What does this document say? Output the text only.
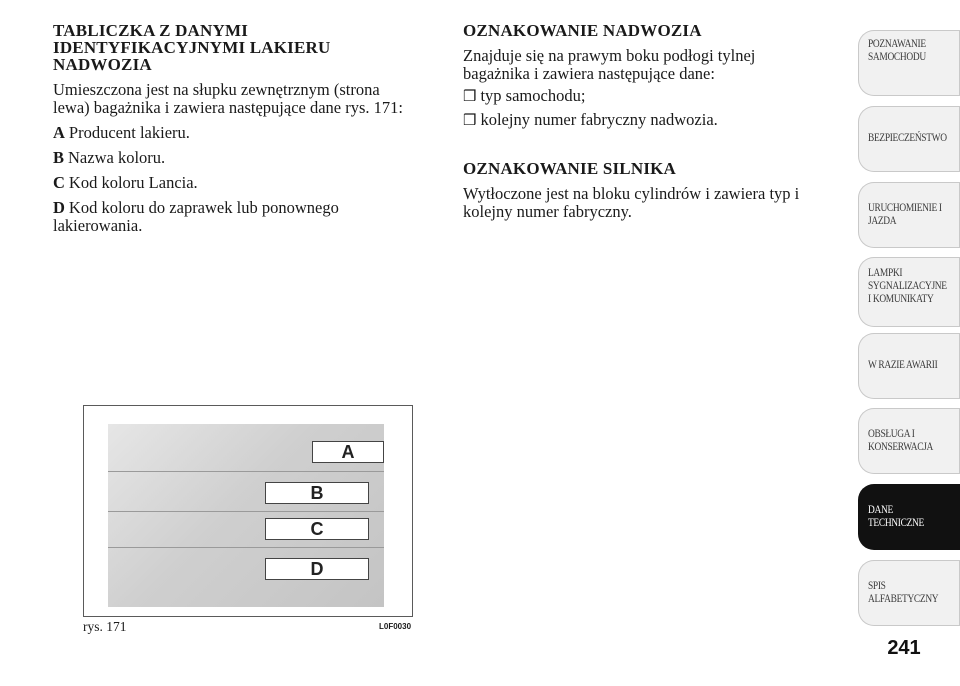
TABLICZKA Z DANYMI
IDENTYFIKACYJNYMI LAKIERU
NADWOZIA

Umieszczona jest na słupku zewnętrznym (strona
lewa) bagażnika i zawiera następujące dane rys. 171:

A Producent lakieru.

B Nazwa koloru.

C Kod koloru Lancia.

D Kod koloru do zaprawek lub ponownego
lakierowania.

OZNAKOWANIE NADWOZIA

Znajduje się na prawym boku podłogi tylnej
bagażnika i zawiera następujące dane:

❒ typ samochodu;

❒ kolejny numer fabryczny nadwozia.

OZNAKOWANIE SILNIKA

Wytłoczone jest na bloku cylindrów i zawiera typ i
kolejny numer fabryczny.

A
B
C
D
rys. 171	L0F0030
POZNAWANIE
SAMOCHODU
BEZPIECZEŃSTWO
URUCHOMIENIE I
JAZDA
LAMPKI
SYGNALIZACYJNE
I KOMUNIKATY
W RAZIE AWARII
OBSŁUGA I
KONSERWACJA
DANE
TECHNICZNE
SPIS
ALFABETYCZNY
241
